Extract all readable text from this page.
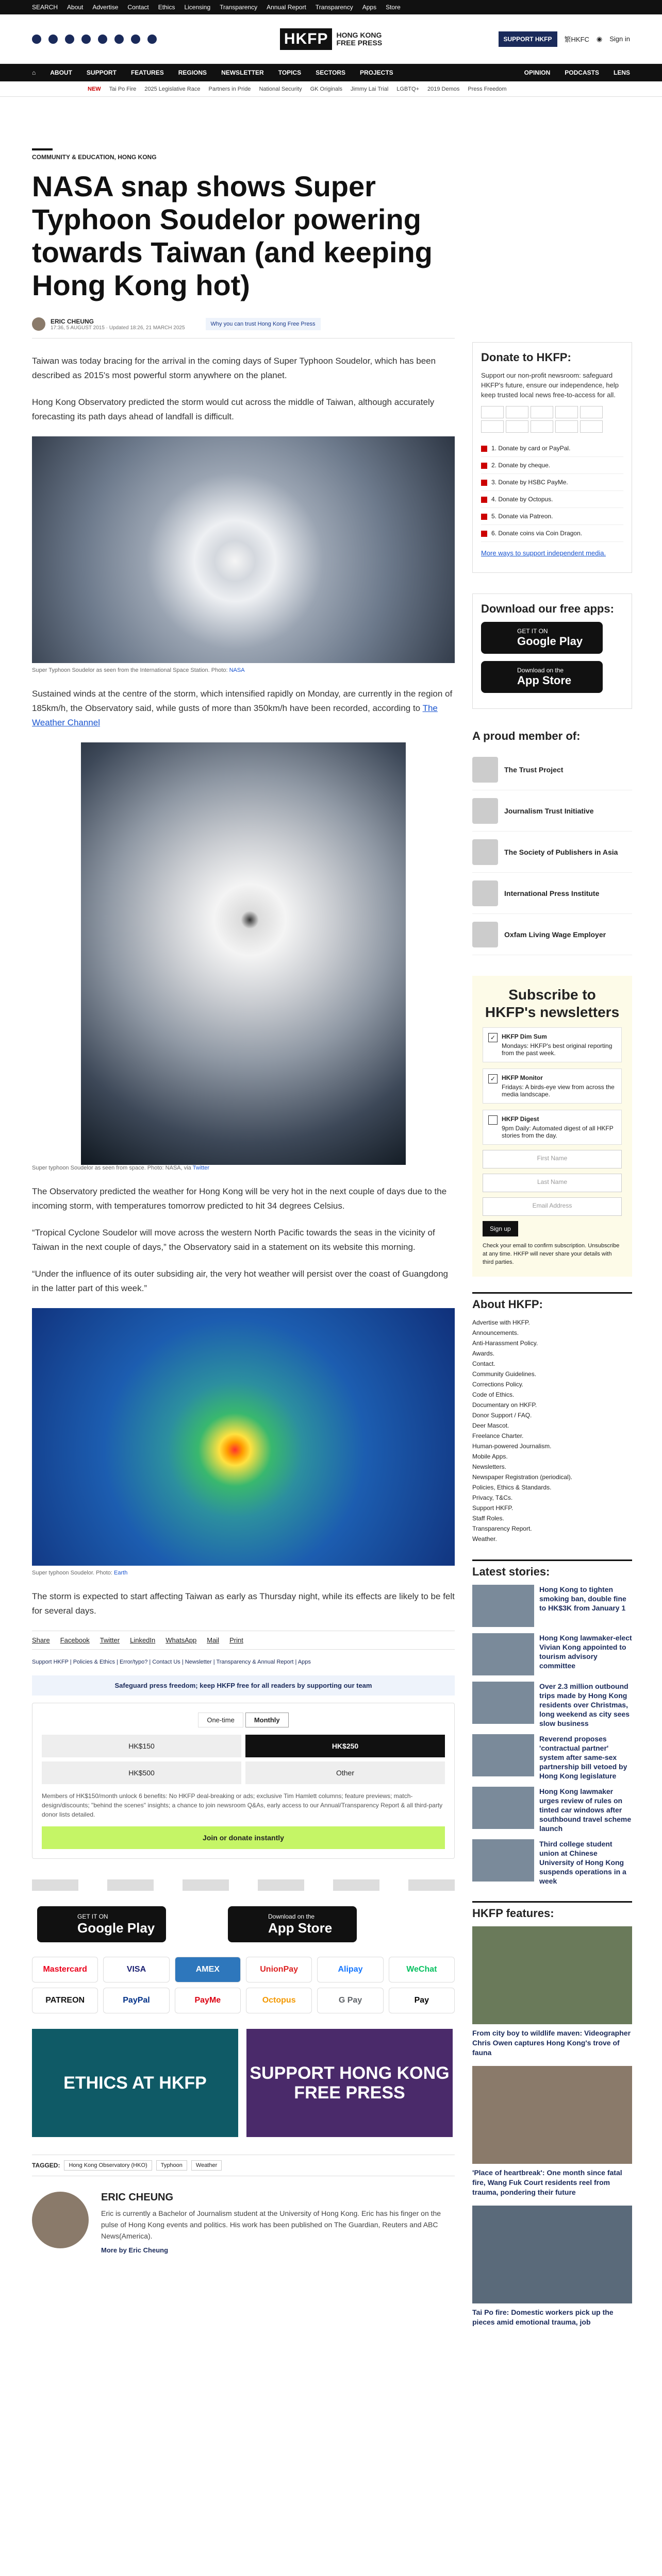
SEARCH About Advertise Contact Ethics Licensing Transparency Annual Report Transparency Apps Store
HKFP	HONG KONG
FREE PRESS	SUPPORT HKFP	繁HKFC ◉ Sign in
⌂ ABOUT SUPPORT FEATURES REGIONS NEWSLETTER TOPICS SECTORS PROJECTS	OPINION PODCASTS LENS
NEW Tai Po Fire 2025 Legislative Race Partners in Pride National Security GK Originals Jimmy Lai Trial LGBTQ+ 2019 Demos Press Freedom
COMMUNITY & EDUCATION, HONG KONG
NASA snap shows Super Typhoon Soudelor powering towards Taiwan (and keeping Hong Kong hot)
ERIC CHEUNG
17:36, 5 AUGUST 2015 · Updated 18:26, 21 MARCH 2025
Why you can trust Hong Kong Free Press

Taiwan was today bracing for the arrival in the coming days of Super Typhoon Soudelor, which has been described as 2015's most powerful storm anywhere on the planet.

Hong Kong Observatory predicted the storm would cut across the middle of Taiwan, although accurately forecasting its path days ahead of landfall is difficult.

Super Typhoon Soudelor as seen from the International Space Station. Photo: NASA

Sustained winds at the centre of the storm, which intensified rapidly on Monday, are currently in the region of 185km/h, the Observatory said, while gusts of more than 350km/h have been recorded, according to The Weather Channel

Super typhoon Soudelor as seen from space. Photo: NASA, via Twitter

The Observatory predicted the weather for Hong Kong will be very hot in the next couple of days due to the incoming storm, with temperatures tomorrow predicted to hit 34 degrees Celsius.

“Tropical Cyclone Soudelor will move across the western North Pacific towards the seas in the vicinity of Taiwan in the next couple of days,” the Observatory said in a statement on its website this morning.

“Under the influence of its outer subsiding air, the very hot weather will persist over the coast of Guangdong in the latter part of this week.”

Super typhoon Soudelor. Photo: Earth

The storm is expected to start affecting Taiwan as early as Thursday night, while its effects are likely to be felt for several days.

Share Facebook Twitter LinkedIn WhatsApp Mail Print
Support HKFP | Policies & Ethics | Error/typo? | Contact Us | Newsletter | Transparency & Annual Report | Apps
Safeguard press freedom; keep HKFP free for all readers by supporting our team
One-time	Monthly
HK$150	HK$250
HK$500	Other
Members of HK$150/month unlock 6 benefits: No HKFP deal‑breaking or ads; exclusive Tim Hamlett columns; feature previews; match-design/discounts; "behind the scenes" insights; a chance to join newsroom Q&As, early access to our Annual/Transparency Report & all third-party donor lists detailed.
Join or donate instantly
GET IT ON
Google Play
Download on the
App Store
Mastercard	VISA	AMEX	UnionPay	Alipay	WeChat
PATREON	PayPal	PayMe	Octopus	G Pay	Pay
ETHICS AT HKFP	SUPPORT HONG KONG FREE PRESS
TAGGED:	Hong Kong Observatory (HKO)	Typhoon	Weather
ERIC CHEUNG

Eric is currently a Bachelor of Journalism student at the University of Hong Kong. Eric has his finger on the pulse of Hong Kong events and politics. His work has been published on The Guardian, Reuters and ABC News(America).

More by Eric Cheung
Donate to HKFP:

Support our non-profit newsroom: safeguard HKFP's future, ensure our independence, help keep trusted local news free-to-access for all.

1. Donate by card or PayPal.
2. Donate by cheque.
3. Donate by HSBC PayMe.
4. Donate by Octopus.
5. Donate via Patreon.
6. Donate coins via Coin Dragon.

More ways to support independent media.

Download our free apps:
GET IT ON
Google Play
Download on the
App Store
A proud member of:
The Trust Project
Journalism Trust Initiative
The Society of Publishers in Asia
International Press Institute
Oxfam Living Wage Employer
Subscribe to HKFP's newsletters
✓ HKFP Dim Sum
Mondays: HKFP's best original reporting from the past week.
✓ HKFP Monitor
Fridays: A birds-eye view from across the media landscape.
HKFP Digest
9pm Daily: Automated digest of all HKFP stories from the day.
First Name
Last Name
Email Address
Sign up

Check your email to confirm subscription. Unsubscribe at any time. HKFP will never share your details with third parties.

About HKFP:
Advertise with HKFP.
Announcements.
Anti-Harassment Policy.
Awards.
Contact.
Community Guidelines.
Corrections Policy.
Code of Ethics.
Documentary on HKFP.
Donor Support / FAQ.
Deer Mascot.
Freelance Charter.
Human-powered Journalism.
Mobile Apps.
Newsletters.
Newspaper Registration (periodical).
Policies, Ethics & Standards.
Privacy, T&Cs.
Support HKFP.
Staff Roles.
Transparency Report.
Weather.
Latest stories:
Hong Kong to tighten smoking ban, double fine to HK$3K from January 1
Hong Kong lawmaker-elect Vivian Kong appointed to tourism advisory committee
Over 2.3 million outbound trips made by Hong Kong residents over Christmas, long weekend as city sees slow business
Reverend proposes 'contractual partner' system after same-sex partnership bill vetoed by Hong Kong legislature
Hong Kong lawmaker urges review of rules on tinted car windows after southbound travel scheme launch
Third college student union at Chinese University of Hong Kong suspends operations in a week
HKFP features:
From city boy to wildlife maven: Videographer Chris Owen captures Hong Kong's trove of fauna
'Place of heartbreak': One month since fatal fire, Wang Fuk Court residents reel from trauma, pondering their future
Tai Po fire: Domestic workers pick up the pieces amid emotional trauma, job
